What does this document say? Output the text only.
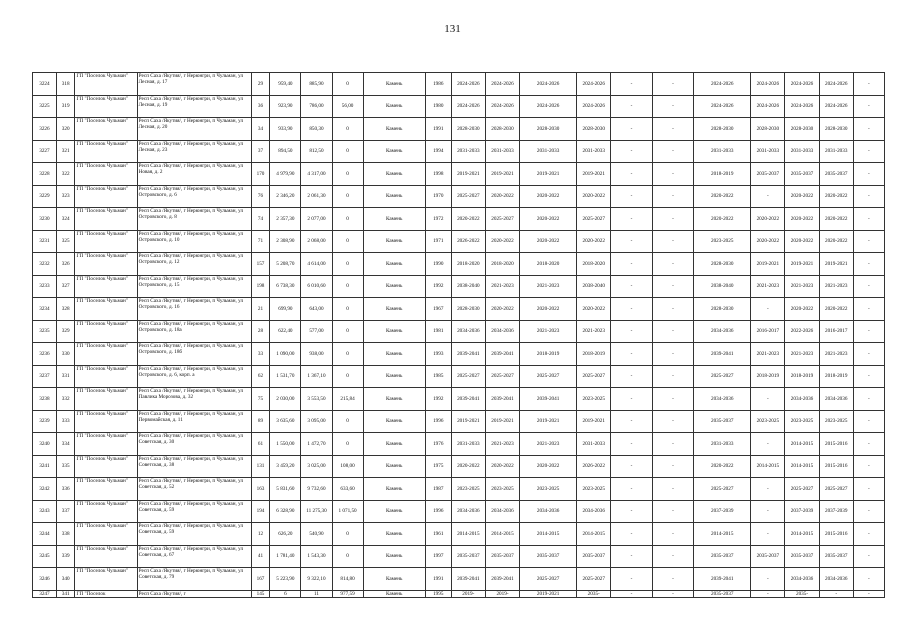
131
3224	318	ГП "Поселок Чульман"	Респ Саха /Якутия/, г Нерюнгри, п Чульман, ул Лесная, д. 17	29	959,40	885,90	0	Камень	1986	2024-2026	2024-2026	2024-2026	2024-2026	-	-	2024-2026	2024-2026	2024-2026	2024-2026	-
3225	319	ГП "Поселок Чульман"	Респ Саха /Якутия/, г Нерюнгри, п Чульман, ул Лесная, д. 19	36	923,90	786,00	56,00	Камень	1980	2024-2026	2024-2026	2024-2026	2024-2026	-	-	2024-2026	2024-2026	2024-2026	2024-2026	-
3226	320	ГП "Поселок Чульман"	Респ Саха /Якутия/, г Нерюнгри, п Чульман, ул Лесная, д. 20	34	933,90	850,30	0	Камень	1991	2028-2030	2028-2030	2028-2030	2028-2030	-	-	2028-2030	2028-2030	2028-2030	2028-2030	-
3227	321	ГП "Поселок Чульман"	Респ Саха /Якутия/, г Нерюнгри, п Чульман, ул Лесная, д. 23	37	894,50	812,50	0	Камень	1994	2031-2033	2031-2033	2031-2033	2031-2033	-	-	2031-2033	2031-2033	2031-2033	2031-2033	-
3228	322	ГП "Поселок Чульман"	Респ Саха /Якутия/, г Нерюнгри, п Чульман, ул Новая, д. 2	170	4 979,90	4 317,00	0	Камень	1998	2019-2021	2019-2021	2019-2021	2019-2021	-	-	2018-2019	2035-2037	2035-2037	2035-2037	-
3229	323	ГП "Поселок Чульман"	Респ Саха /Якутия/, г Нерюнгри, п Чульман, ул Островского, д. 6	76	2 346,20	2 061,30	0	Камень	1970	2025-2027	2020-2022	2020-2022	2020-2022	-	-	2020-2022	-	2020-2022	2020-2022	-
3230	324	ГП "Поселок Чульман"	Респ Саха /Якутия/, г Нерюнгри, п Чульман, ул Островского, д. 8	74	2 357,30	2 077,00	0	Камень	1972	2020-2022	2025-2027	2020-2022	2025-2027	-	-	2020-2022	2020-2022	2020-2022	2020-2022	-
3231	325	ГП "Поселок Чульман"	Респ Саха /Якутия/, г Нерюнгри, п Чульман, ул Островского, д. 10	71	2 308,90	2 068,00	0	Камень	1971	2026-2022	2020-2022	2020-2022	2020-2022	-	-	2023-2025	2020-2022	2020-2022	2020-2022	-
3232	326	ГП "Поселок Чульман"	Респ Саха /Якутия/, г Нерюнгри, п Чульман, ул Островского, д. 12	157	5 208,70	4 614,00	0	Камень	1990	2018-2020	2018-2020	2018-2020	2018-2020	-	-	2028-2030	2019-2021	2019-2021	2019-2021	-
3233	327	ГП "Поселок Чульман"	Респ Саха /Якутия/, г Нерюнгри, п Чульман, ул Островского, д. 15	198	6 738,30	6 010,60	0	Камень	1992	2038-2040	2021-2023	2021-2023	2038-2040	-	-	2038-2040	2021-2023	2021-2023	2021-2023	-
3234	328	ГП "Поселок Чульман"	Респ Саха /Якутия/, г Нерюнгри, п Чульман, ул Островского, д. 16	21	699,90	643,00	0	Камень	1967	2028-2030	2020-2022	2020-2022	2020-2022	-	-	2028-2030	-	2020-2022	2020-2022	-
3235	329	ГП "Поселок Чульман"	Респ Саха /Якутия/, г Нерюнгри, п Чульман, ул Островского, д. 18а	28	622,40	577,00	0	Камень	1981	2034-2036	2034-2036	2021-2023	2021-2023	-	-	2034-2036	2016-2017	2022-2026	2016-2017	-
3236	330	ГП "Поселок Чульман"	Респ Саха /Якутия/, г Нерюнгри, п Чульман, ул Островского, д. 18б	33	1 090,00	938,00	0	Камень	1993	2039-2041	2039-2041	2018-2019	2018-2019	-	-	2039-2041	2021-2023	2021-2023	2021-2023	-
3237	331	ГП "Поселок Чульман"	Респ Саха /Якутия/, г Нерюнгри, п Чульман, ул Островского, д. 6, корп. а	62	1 531,70	1 367,10	0	Камень	1985	2025-2027	2025-2027	2025-2027	2025-2027	-	-	2025-2027	2018-2019	2018-2019	2018-2019	-
3238	332	ГП "Поселок Чульман"	Респ Саха /Якутия/, г Нерюнгри, п Чульман, ул Павлика Морозова, д. 32	75	2 030,00	3 553,50	215,84	Камень	1992	2039-2041	2039-2041	2039-2041	2023-2025	-	-	2034-2036	-	2034-2036	2034-2036	-
3239	333	ГП "Поселок Чульман"	Респ Саха /Якутия/, г Нерюнгри, п Чульман, ул Первомайская, д. 11	89	3 635,60	3 095,00	0	Камень	1996	2019-2021	2019-2021	2019-2021	2019-2021	-	-	2035-2037	2023-2025	2023-2025	2023-2025	-
3240	334	ГП "Поселок Чульман"	Респ Саха /Якутия/, г Нерюнгри, п Чульман, ул Советская, д. 30	61	1 550,00	1 472,70	0	Камень	1976	2031-2033	2021-2023	2021-2023	2031-2033	-	-	2031-2033	-	2014-2015	2015-2016	-
3241	335	ГП "Поселок Чульман"	Респ Саха /Якутия/, г Нерюнгри, п Чульман, ул Советская, д. 38	131	3 459,20	3 025,00	108,00	Камень	1975	2020-2022	2020-2022	2020-2022	2026-2022	-	-	2020-2022	2014-2015	2014-2015	2015-2016	-
3242	336	ГП "Поселок Чульман"	Респ Саха /Якутия/, г Нерюнгри, п Чульман, ул Советская, д. 52	163	5 831,60	9 732,60	633,60	Камень	1987	2023-2025	2023-2025	2023-2025	2023-2025	-	-	2025-2027	-	2025-2027	2025-2027	-
3243	337	ГП "Поселок Чульман"	Респ Саха /Якутия/, г Нерюнгри, п Чульман, ул Советская, д. 59	194	6 328,90	11 275,30	1 071,50	Камень	1996	2034-2036	2034-2036	2034-2036	2034-2036	-	-	2037-2039	-	2037-2039	2037-2039	-
3244	338	ГП "Поселок Чульман"	Респ Саха /Якутия/, г Нерюнгри, п Чульман, ул Советская, д. 59	12	626,20	540,90	0	Камень	1961	2014-2015	2014-2015	2014-2015	2014-2015	-	-	2014-2015	-	2014-2015	2015-2016	-
3245	339	ГП "Поселок Чульман"	Респ Саха /Якутия/, г Нерюнгри, п Чульман, ул Советская, д. 67	41	1 781,40	1 543,30	0	Камень	1997	2035-2037	2035-2037	2035-2037	2035-2037	-	-	2035-2037	2035-2037	2035-2037	2035-2037	-
3246	340	ГП "Поселок Чульман"	Респ Саха /Якутия/, г Нерюнгри, п Чульман, ул Советская, д. 79	167	5 223,90	9 322,10	814,80	Камень	1991	2039-2041	2039-2041	2025-2027	2025-2027	-	-	2039-2041	-	2034-2036	2034-2036	-
3247	341	ГП "Поселок	Респ Саха /Якутия/, г	145	6	11	977,59	Камень	1995	2019-	2019-	2019-2021	2035-	-	-	2035-2037	-	2035-	-	-
